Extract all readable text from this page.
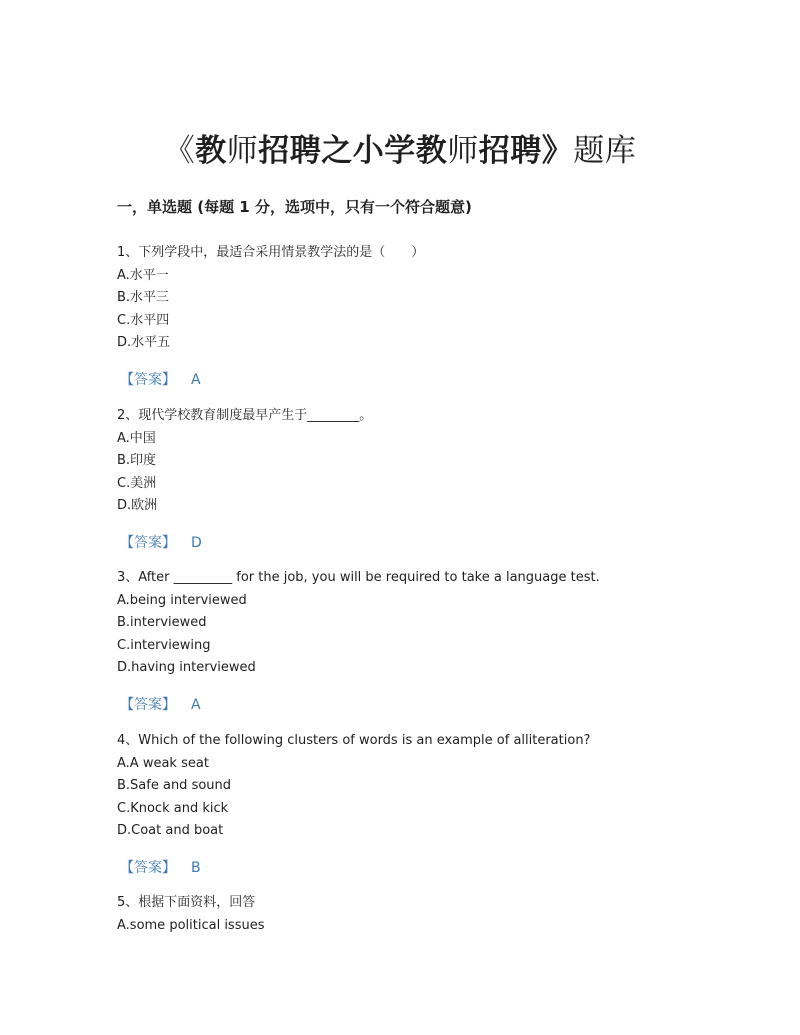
《教师招聘之小学教师招聘》题库
一，单选题 (每题 1 分，选项中，只有一个符合题意)
1、下列学段中，最适合采用情景教学法的是（　　）
A.水平一
B.水平三
C.水平四
D.水平五
【答案】 A
2、现代学校教育制度最早产生于________。
A.中国
B.印度
C.美洲
D.欧洲
【答案】 D
3、After _________ for the job, you will be required to take a language test.
A.being interviewed
B.interviewed
C.interviewing
D.having interviewed
【答案】 A
4、Which of the following clusters of words is an example of alliteration?
A.A weak seat
B.Safe and sound
C.Knock and kick
D.Coat and boat
【答案】 B
5、根据下面资料，回答
A.some political issues
